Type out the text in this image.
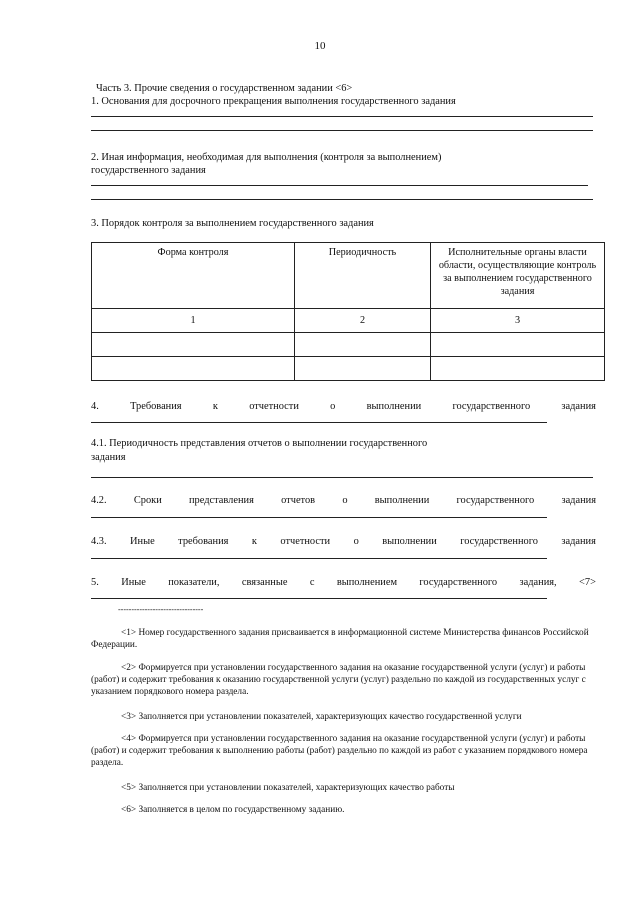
10
Часть 3. Прочие сведения о государственном задании <6>
1. Основания для досрочного прекращения выполнения государственного задания
2. Иная информация, необходимая для выполнения (контроля за выполнением)
государственного задания
3. Порядок контроля за выполнением государственного задания
Форма контроля	Периодичность	Исполнительные органы власти области, осуществляющие контроль за выполнением государственного задания
1	2	3

4.	Требования	к	отчетности	о	выполнении	государственного	задания
4.1. Периодичность представления отчетов о выполнении государственного
задания
4.2.	Сроки	представления	отчетов	о	выполнении	государственного	задания
4.3. Иные требования к отчетности о выполнении государственного задания
5. Иные показатели, связанные с выполнением государственного задания, <7>
--------------------------------
<1> Номер государственного задания присваивается в информационной системе Министерства финансов Российской Федерации.
<2> Формируется при установлении государственного задания на оказание государственной услуги (услуг) и работы (работ) и содержит требования к оказанию государственной услуги (услуг) раздельно по каждой из государственных услуг с указанием порядкового номера раздела.
<3> Заполняется при установлении показателей, характеризующих качество государственной услуги
<4> Формируется при установлении государственного задания на оказание государственной услуги (услуг) и работы (работ) и содержит требования к выполнению работы (работ) раздельно по каждой из работ с указанием порядкового номера раздела.
<5> Заполняется при установлении показателей, характеризующих качество работы
<6> Заполняется в целом по государственному заданию.
